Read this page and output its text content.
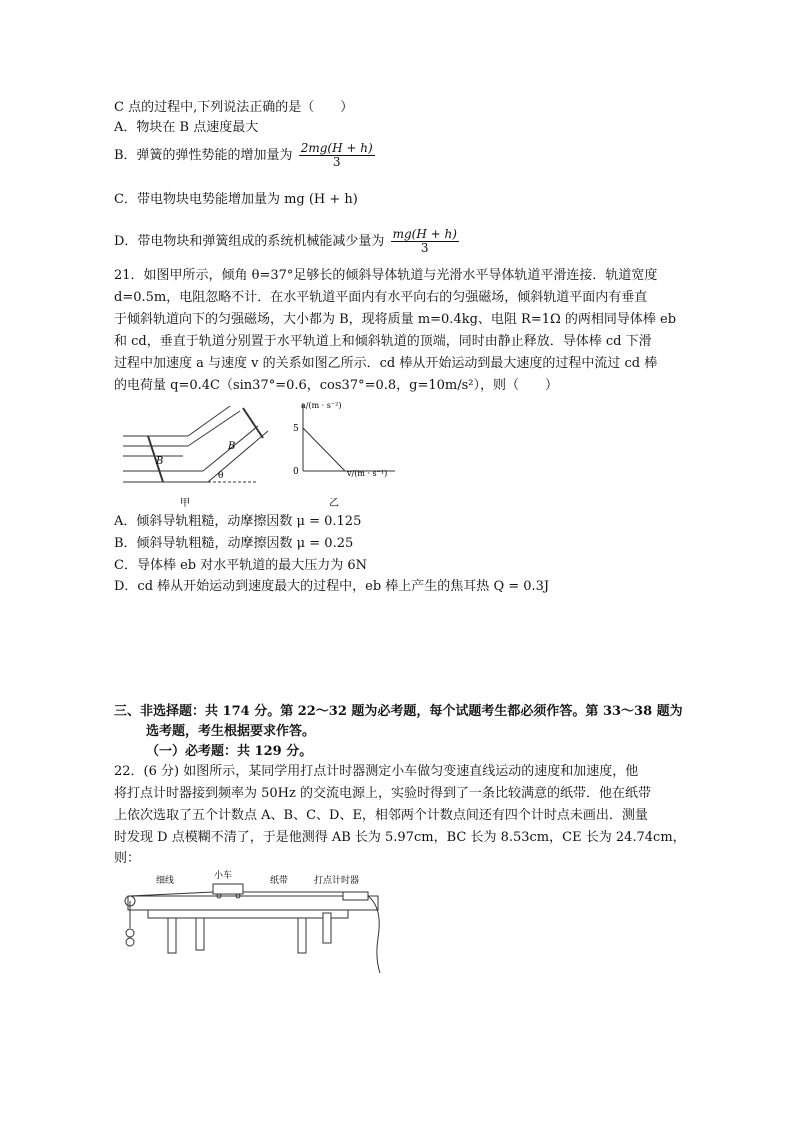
C 点的过程中,下列说法正确的是（　　）
A．物块在 B 点速度最大
B．弹簧的弹性势能的增加量为 $\frac{2mg(H + h)}{3}$
C．带电物块电势能增加量为 mg (H + h)
D．带电物块和弹簧组成的系统机械能减少量为 $\frac{mg(H + h)}{3}$
21．如图甲所示，倾角 θ=37°足够长的倾斜导体轨道与光滑水平导体轨道平滑连接．轨道宽度
d=0.5m，电阻忽略不计．在水平轨道平面内有水平向右的匀强磁场，倾斜轨道平面内有垂直
于倾斜轨道向下的匀强磁场，大小都为 B，现将质量 m=0.4kg、电阻 R=1Ω 的两相同导体棒 eb
和 cd，垂直于轨道分别置于水平轨道上和倾斜轨道的顶端，同时由静止释放．导体棒 cd 下滑
过程中加速度 a 与速度 v 的关系如图乙所示．cd 棒从开始运动到最大速度的过程中流过 cd 棒
的电荷量 q=0.4C（sin37°=0.6，cos37°=0.8，g=10m/s²），则（　　）
B
B
θ
甲
a/(m · s⁻²)
5
0	v/(m · s⁻¹)
乙
A．倾斜导轨粗糙，动摩擦因数 μ = 0.125
B．倾斜导轨粗糙，动摩擦因数 μ = 0.25
C．导体棒 eb 对水平轨道的最大压力为 6N
D．cd 棒从开始运动到速度最大的过程中，eb 棒上产生的焦耳热 Q = 0.3J
三、非选择题：共 174 分。第 22～32 题为必考题，每个试题考生都必须作答。第 33～38 题为
选考题，考生根据要求作答。
（一）必考题：共 129 分。
22．(6 分) 如图所示，某同学用打点计时器测定小车做匀变速直线运动的速度和加速度，他
将打点计时器接到频率为 50Hz 的交流电源上，实验时得到了一条比较满意的纸带．他在纸带
上依次选取了五个计数点 A、B、C、D、E，相邻两个计数点间还有四个计时点未画出．测量
时发现 D 点模糊不清了，于是他测得 AB 长为 5.97cm，BC 长为 8.53cm，CE 长为 24.74cm，
则：
细线	小车	纸带	打点计时器
